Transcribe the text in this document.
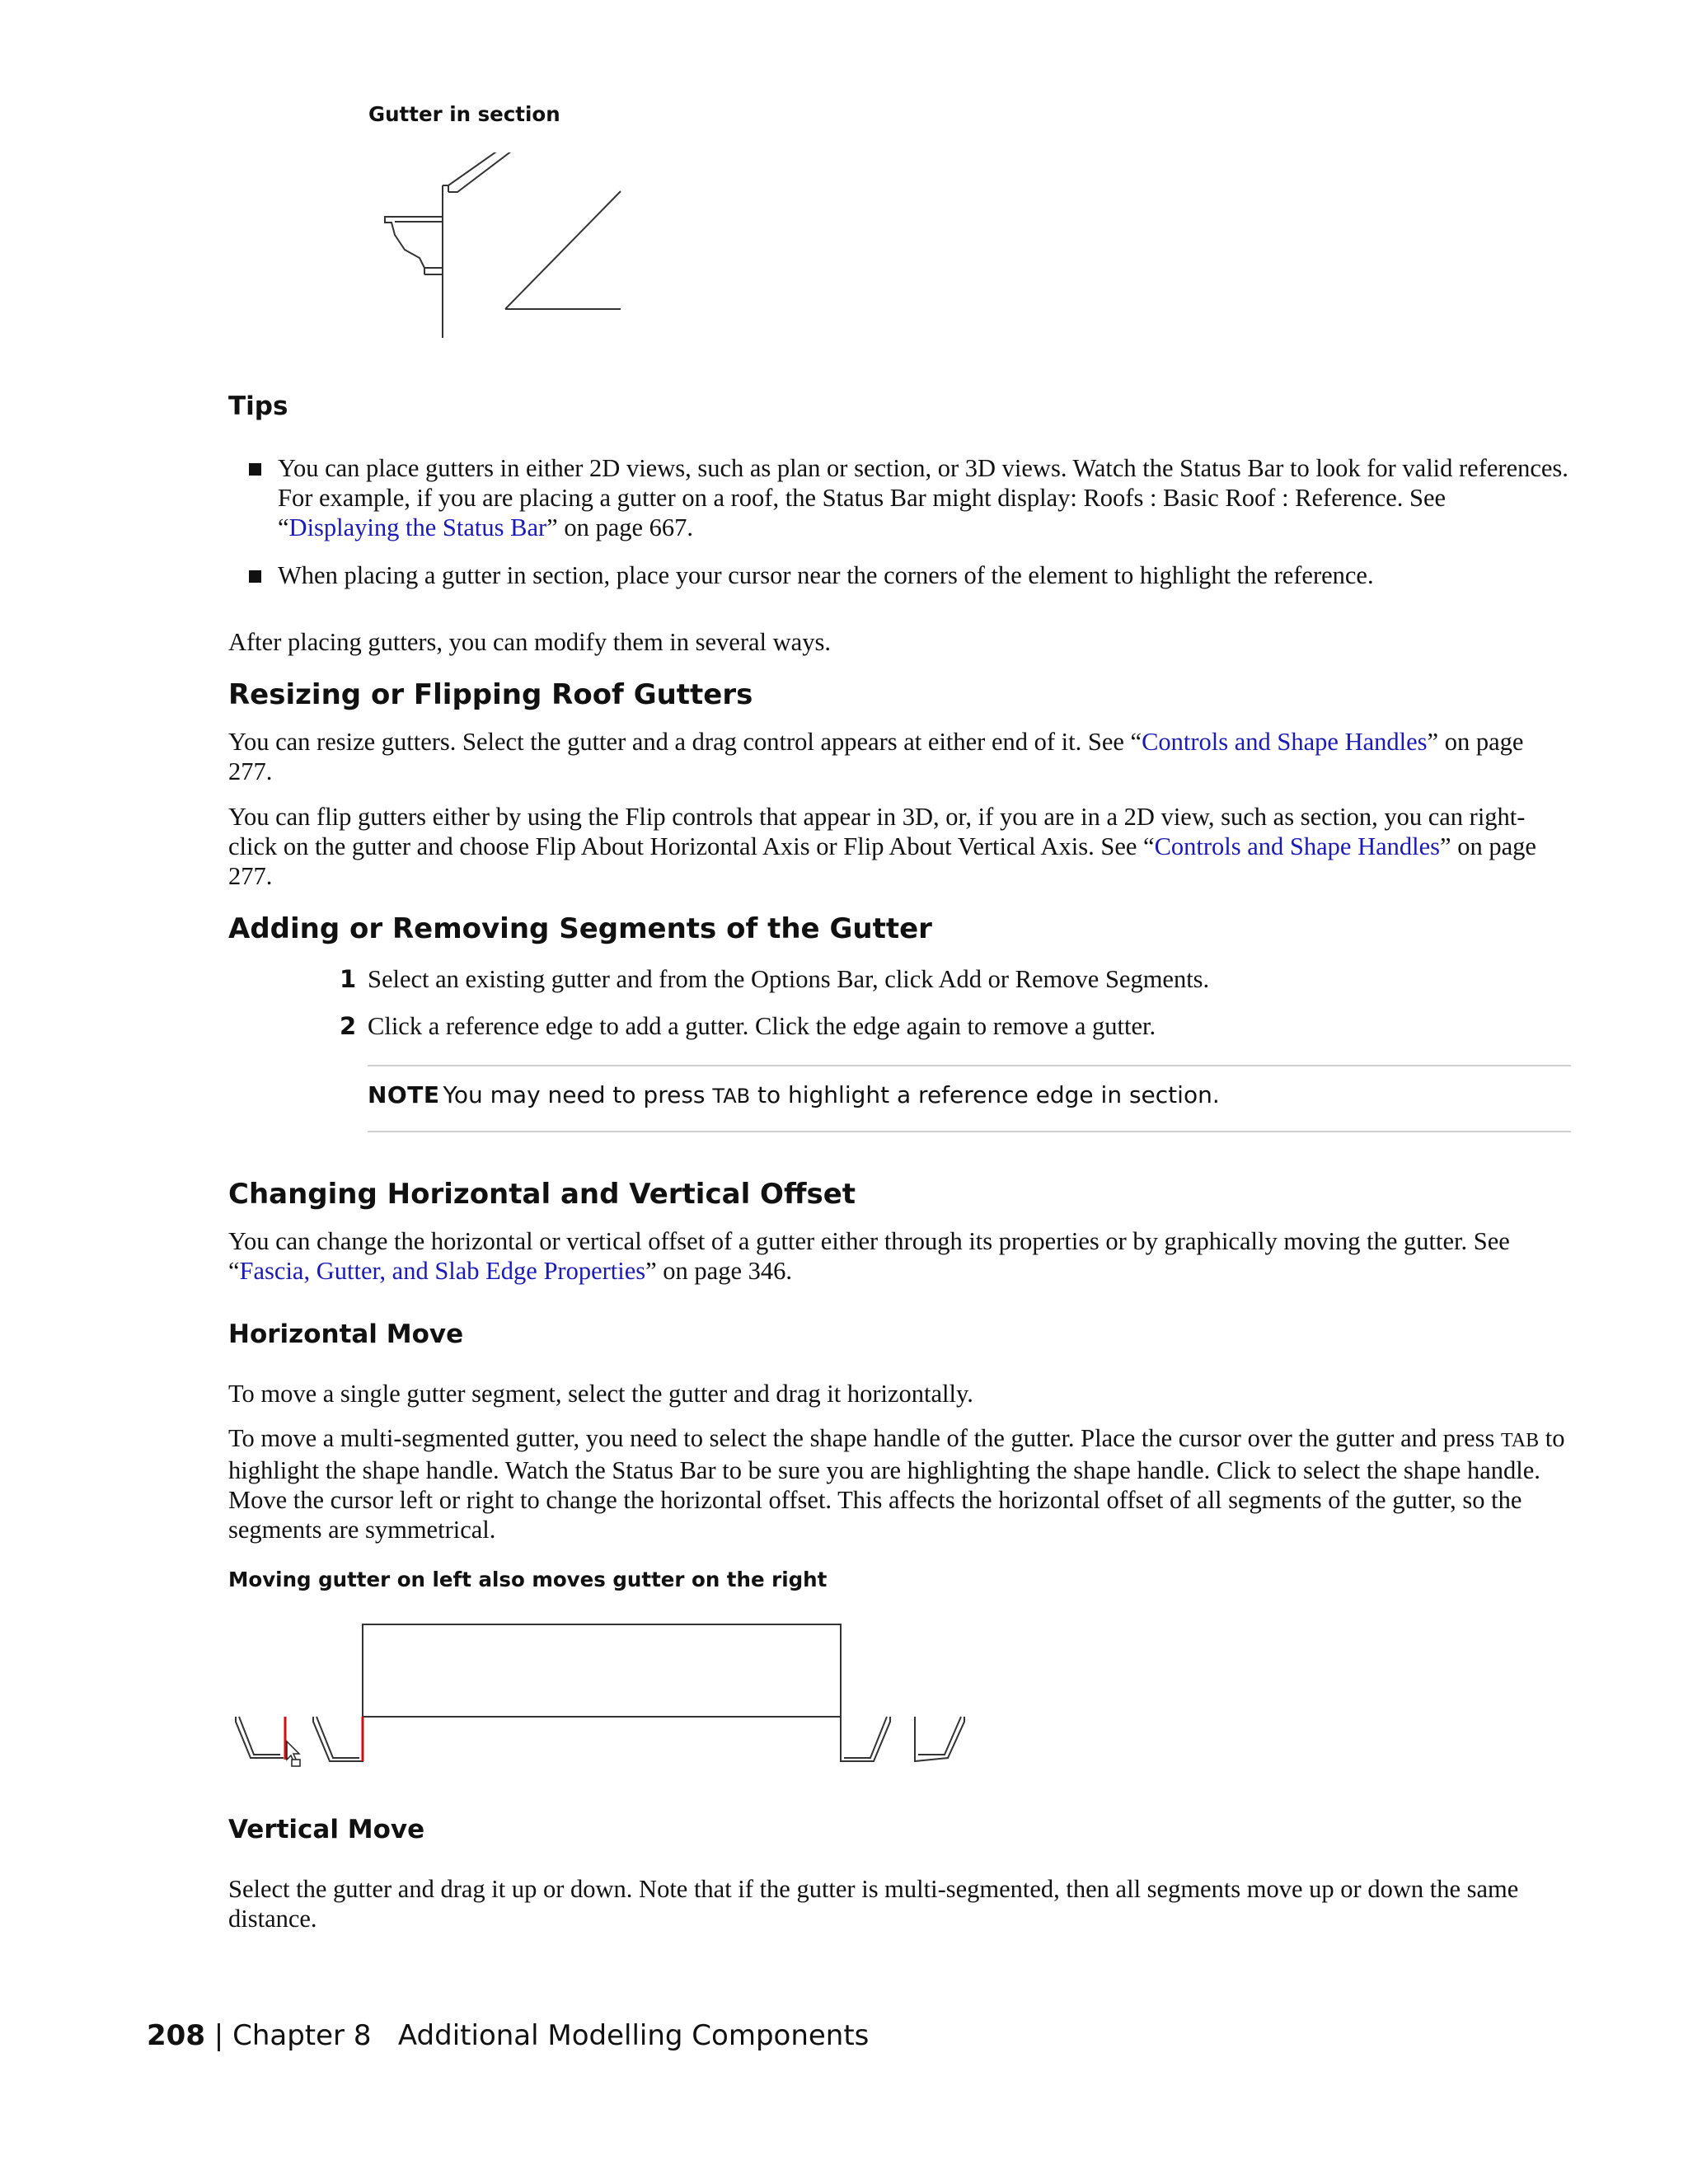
Gutter in section
Tips
You can place gutters in either 2D views, such as plan or section, or 3D views. Watch the Status Bar to look for valid references. For example, if you are placing a gutter on a roof, the Status Bar might display: Roofs : Basic Roof : Reference. See “Displaying the Status Bar” on page 667.
When placing a gutter in section, place your cursor near the corners of the element to highlight the reference.
After placing gutters, you can modify them in several ways.
Resizing or Flipping Roof Gutters
You can resize gutters. Select the gutter and a drag control appears at either end of it. See “Controls and Shape Handles” on page 277.
You can flip gutters either by using the Flip controls that appear in 3D, or, if you are in a 2D view, such as section, you can right-click on the gutter and choose Flip About Horizontal Axis or Flip About Vertical Axis. See “Controls and Shape Handles” on page 277.
Adding or Removing Segments of the Gutter
1 Select an existing gutter and from the Options Bar, click Add or Remove Segments.
2 Click a reference edge to add a gutter. Click the edge again to remove a gutter.
NOTE You may need to press TAB to highlight a reference edge in section.
Changing Horizontal and Vertical Offset
You can change the horizontal or vertical offset of a gutter either through its properties or by graphically moving the gutter. See “Fascia, Gutter, and Slab Edge Properties” on page 346.
Horizontal Move
To move a single gutter segment, select the gutter and drag it horizontally.
To move a multi-segmented gutter, you need to select the shape handle of the gutter. Place the cursor over the gutter and press TAB to highlight the shape handle. Watch the Status Bar to be sure you are highlighting the shape handle. Click to select the shape handle. Move the cursor left or right to change the horizontal offset. This affects the horizontal offset of all segments of the gutter, so the segments are symmetrical.
Moving gutter on left also moves gutter on the right
Vertical Move
Select the gutter and drag it up or down. Note that if the gutter is multi-segmented, then all segments move up or down the same distance.
208 | Chapter 8 Additional Modelling Components
